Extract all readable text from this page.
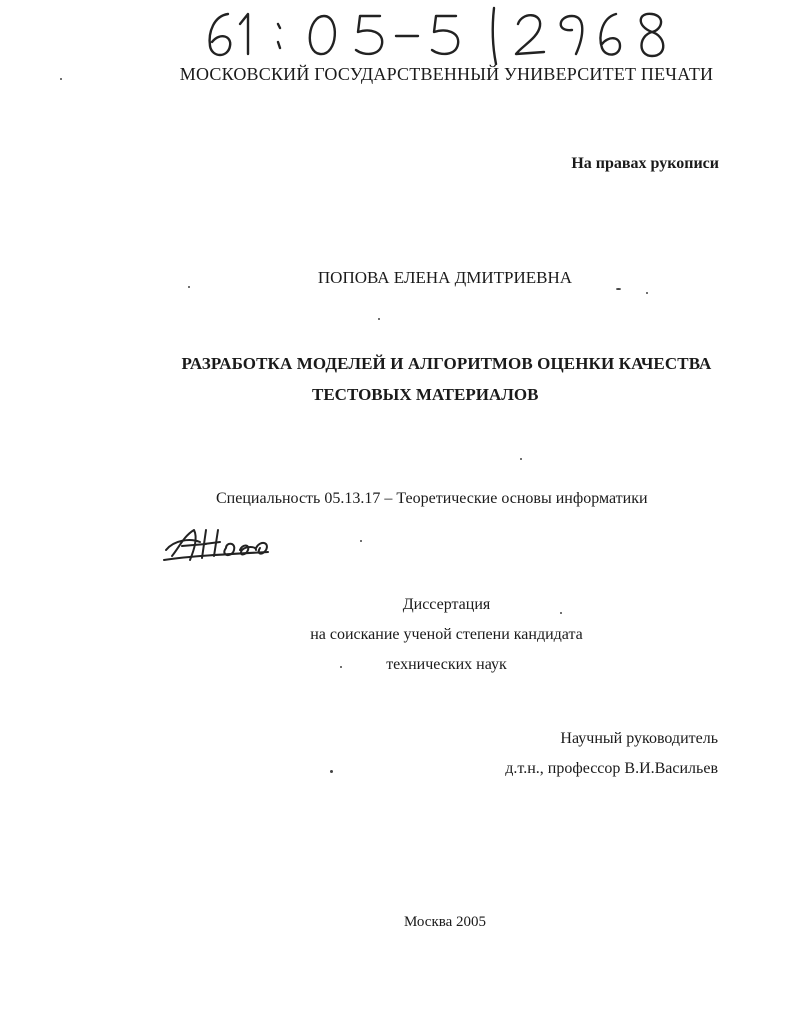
МОСКОВСКИЙ ГОСУДАРСТВЕННЫЙ УНИВЕРСИТЕТ ПЕЧАТИ
На правах рукописи
ПОПОВА ЕЛЕНА ДМИТРИЕВНА
РАЗРАБОТКА МОДЕЛЕЙ И АЛГОРИТМОВ ОЦЕНКИ КАЧЕСТВА
ТЕСТОВЫХ МАТЕРИАЛОВ
Специальность 05.13.17 – Теоретические основы информатики
Диссертация
на соискание ученой степени кандидата
технических наук
Научный руководитель
д.т.н., профессор В.И.Васильев
Москва 2005
